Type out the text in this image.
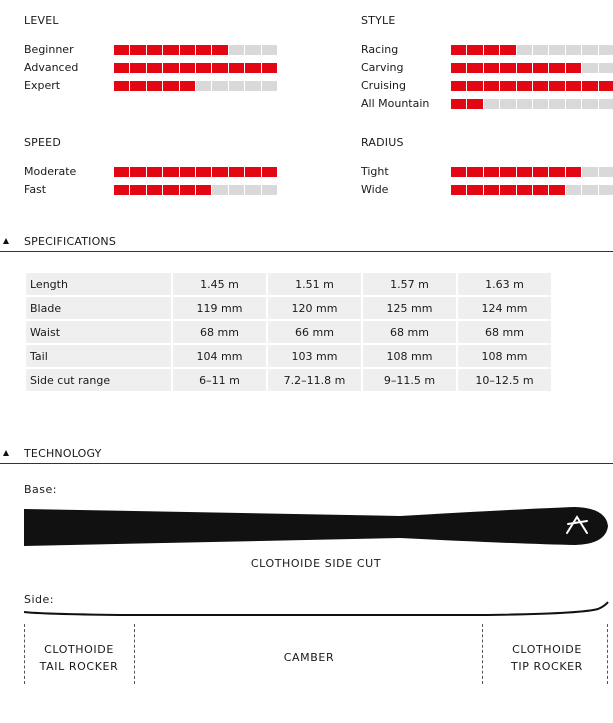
LEVEL
Beginner
Advanced
Expert
STYLE
Racing
Carving
Cruising
All Mountain
SPEED
Moderate
Fast
RADIUS
Tight
Wide
SPECIFICATIONS
Length	1.45 m	1.51 m	1.57 m	1.63 m
Blade	119 mm	120 mm	125 mm	124 mm
Waist	68 mm	66 mm	68 mm	68 mm
Tail	104 mm	103 mm	108 mm	108 mm
Side cut range	6–11 m	7.2–11.8 m	9–11.5 m	10–12.5 m
TECHNOLOGY
Base:
CLOTHOIDE SIDE CUT
Side:
CLOTHOIDE
TAIL ROCKER
CAMBER
CLOTHOIDE
TIP ROCKER
